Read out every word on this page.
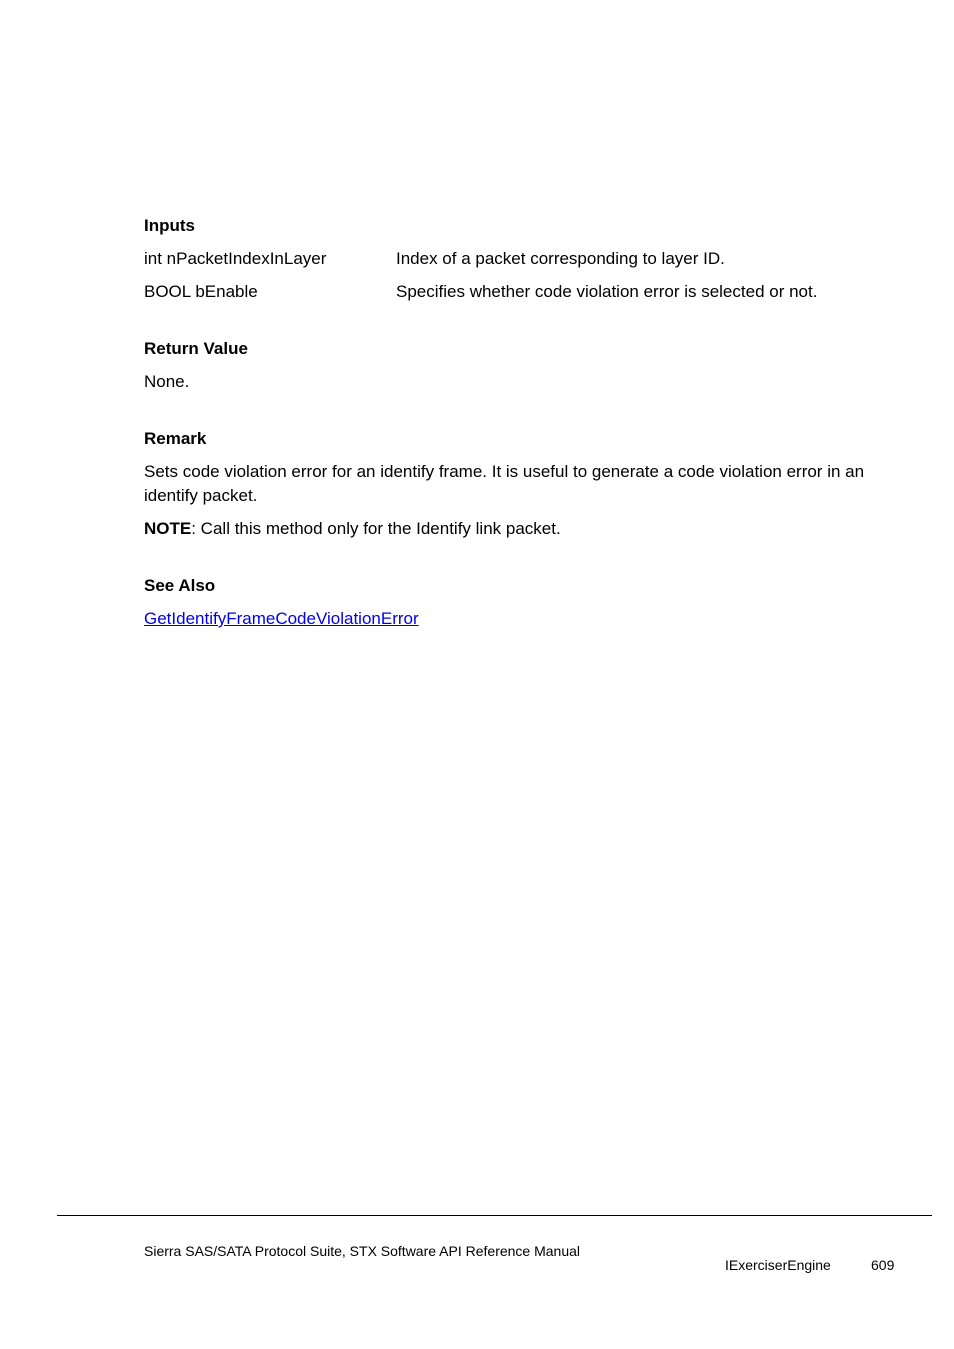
Inputs
int nPacketIndexInLayer	Index of a packet corresponding to layer ID.
BOOL bEnable	Specifies whether code violation error is selected or not.
Return Value
None.
Remark
Sets code violation error for an identify frame. It is useful to generate a code violation error in an identify packet.
NOTE: Call this method only for the Identify link packet.
See Also
GetIdentifyFrameCodeViolationError
Sierra SAS/SATA Protocol Suite, STX Software API Reference Manual
IExerciserEngine	609
